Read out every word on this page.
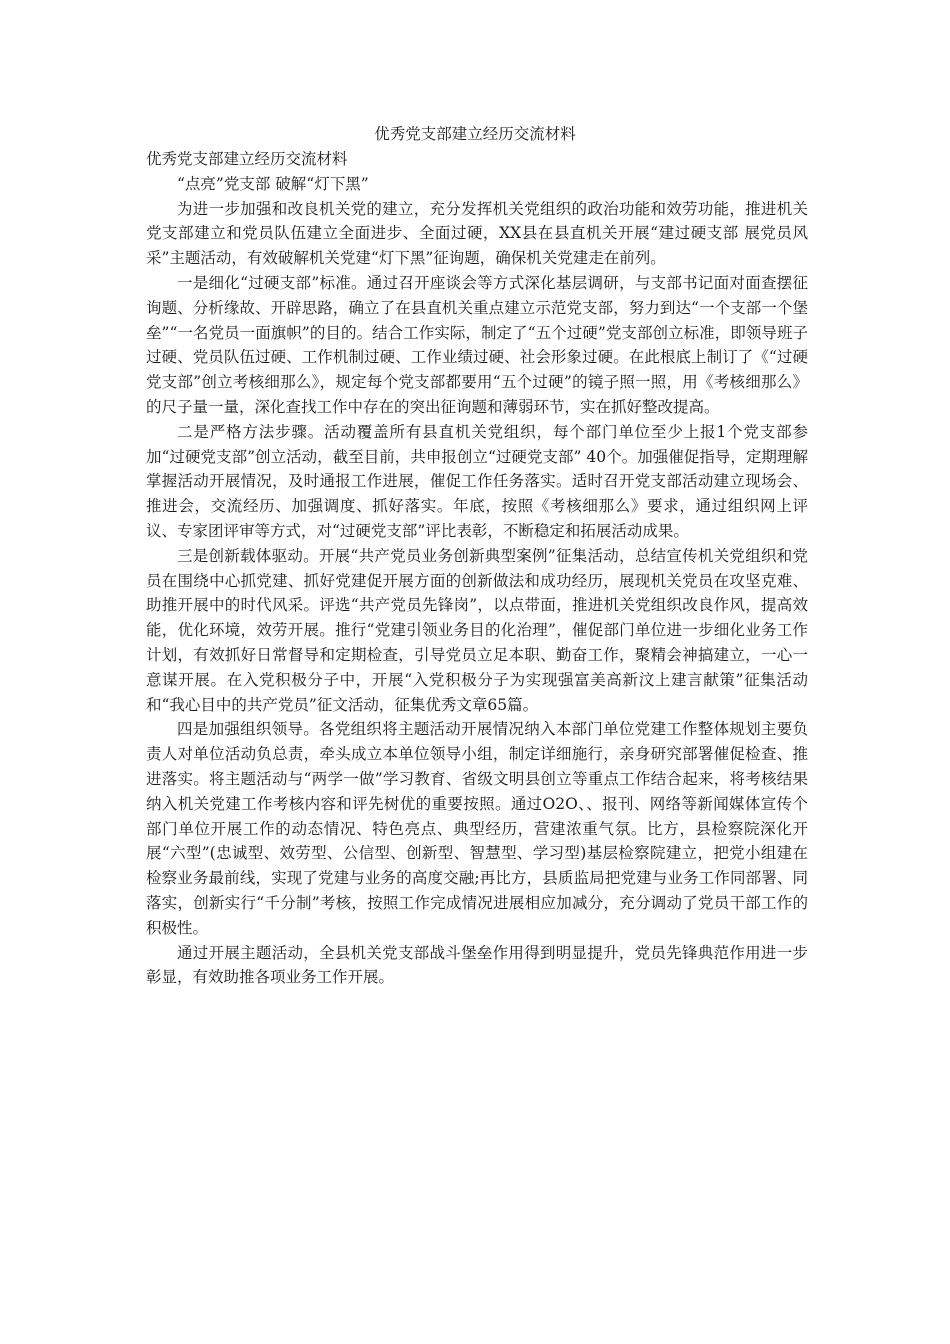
优秀党支部建立经历交流材料

优秀党支部建立经历交流材料

“点亮”党支部 破解“灯下黑”

为进一步加强和改良机关党的建立，充分发挥机关党组织的政治功能和效劳功能，推进机关党支部建立和党员队伍建立全面进步、全面过硬，XX县在县直机关开展“建过硬支部 展党员风采”主题活动，有效破解机关党建“灯下黑”征询题，确保机关党建走在前列。

一是细化“过硬支部”标准。通过召开座谈会等方式深化基层调研，与支部书记面对面查摆征询题、分析缘故、开辟思路，确立了在县直机关重点建立示范党支部，努力到达“一个支部一个堡垒”“一名党员一面旗帜”的目的。结合工作实际，制定了“五个过硬”党支部创立标准，即领导班子过硬、党员队伍过硬、工作机制过硬、工作业绩过硬、社会形象过硬。在此根底上制订了《“过硬党支部”创立考核细那么》，规定每个党支部都要用“五个过硬”的镜子照一照，用《考核细那么》的尺子量一量，深化查找工作中存在的突出征询题和薄弱环节，实在抓好整改提高。

二是严格方法步骤。活动覆盖所有县直机关党组织，每个部门单位至少上报1个党支部参加“过硬党支部”创立活动，截至目前，共申报创立“过硬党支部” 40个。加强催促指导，定期理解掌握活动开展情况，及时通报工作进展，催促工作任务落实。适时召开党支部活动建立现场会、推进会，交流经历、加强调度、抓好落实。年底，按照《考核细那么》要求，通过组织网上评议、专家团评审等方式，对“过硬党支部”评比表彰，不断稳定和拓展活动成果。

三是创新载体驱动。开展“共产党员业务创新典型案例”征集活动，总结宣传机关党组织和党员在围绕中心抓党建、抓好党建促开展方面的创新做法和成功经历，展现机关党员在攻坚克难、助推开展中的时代风采。评选“共产党员先锋岗”，以点带面，推进机关党组织改良作风，提高效能，优化环境，效劳开展。推行“党建引领业务目的化治理”，催促部门单位进一步细化业务工作计划，有效抓好日常督导和定期检查，引导党员立足本职、勤奋工作，聚精会神搞建立，一心一意谋开展。在入党积极分子中，开展“入党积极分子为实现强富美高新汶上建言献策”征集活动和“我心目中的共产党员”征文活动，征集优秀文章65篇。

四是加强组织领导。各党组织将主题活动开展情况纳入本部门单位党建工作整体规划主要负责人对单位活动负总责，牵头成立本单位领导小组，制定详细施行，亲身研究部署催促检查、推进落实。将主题活动与“两学一做”学习教育、省级文明县创立等重点工作结合起来，将考核结果纳入机关党建工作考核内容和评先树优的重要按照。通过O2O、、报刊、网络等新闻媒体宣传个部门单位开展工作的动态情况、特色亮点、典型经历，营建浓重气氛。比方，县检察院深化开展“六型”(忠诚型、效劳型、公信型、创新型、智慧型、学习型)基层检察院建立，把党小组建在检察业务最前线，实现了党建与业务的高度交融;再比方，县质监局把党建与业务工作同部署、同落实，创新实行“千分制”考核，按照工作完成情况进展相应加减分，充分调动了党员干部工作的积极性。

通过开展主题活动，全县机关党支部战斗堡垒作用得到明显提升，党员先锋典范作用进一步彰显，有效助推各项业务工作开展。
